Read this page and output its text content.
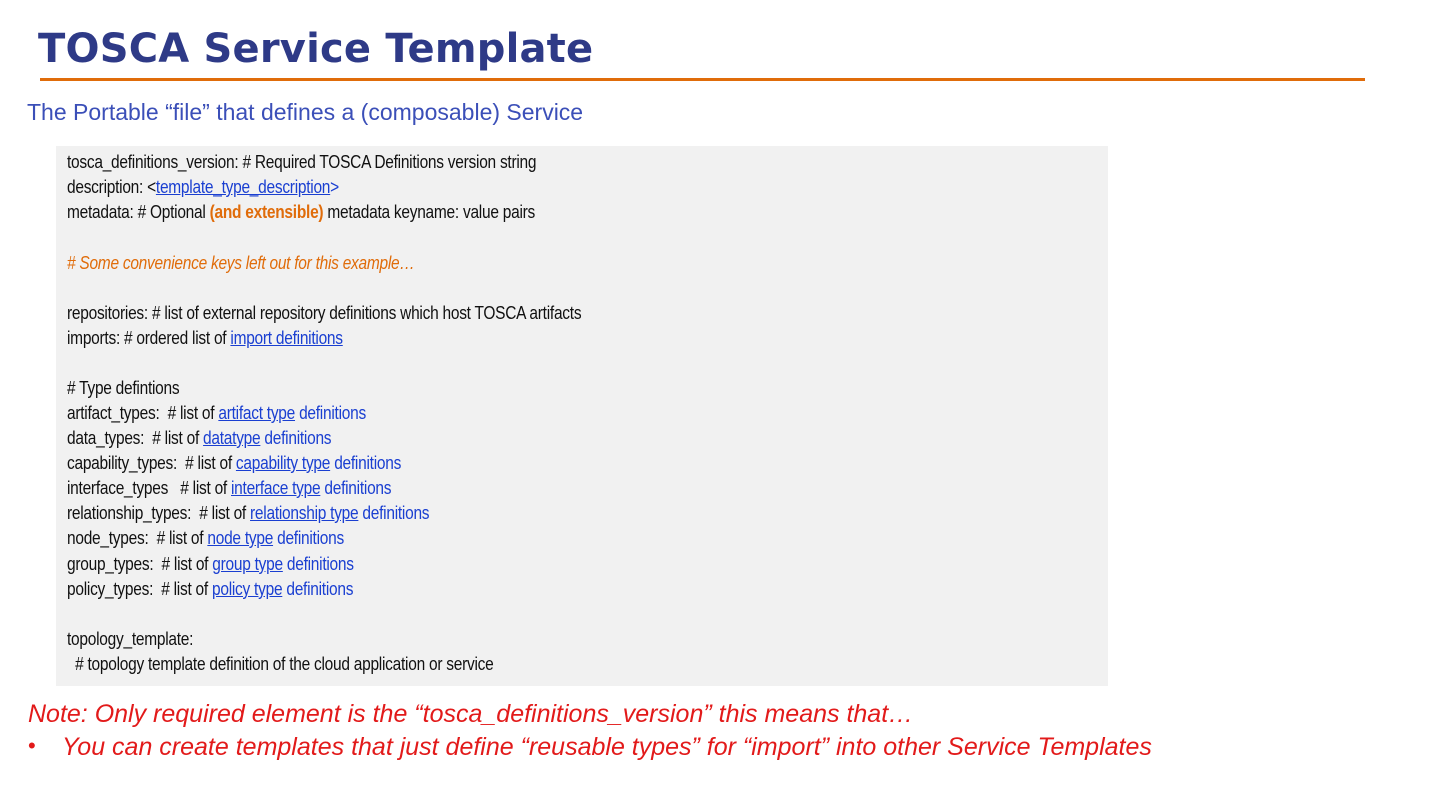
TOSCA Service Template
The Portable “file” that defines a (composable) Service
tosca_definitions_version: # Required TOSCA Definitions version string
description: <template_type_description>
metadata: # Optional (and extensible) metadata keyname: value pairs
# Some convenience keys left out for this example…
repositories: # list of external repository definitions which host TOSCA artifacts
imports: # ordered list of import definitions
# Type defintions
artifact_types:  # list of artifact type definitions
data_types:  # list of datatype definitions
capability_types:  # list of capability type definitions
interface_types   # list of interface type definitions
relationship_types:  # list of relationship type definitions
node_types:  # list of node type definitions
group_types:  # list of group type definitions
policy_types:  # list of policy type definitions
topology_template:
# topology template definition of the cloud application or service
Note: Only required element is the “tosca_definitions_version” this means that…
• You can create templates that just define “reusable types” for “import” into other Service Templates
